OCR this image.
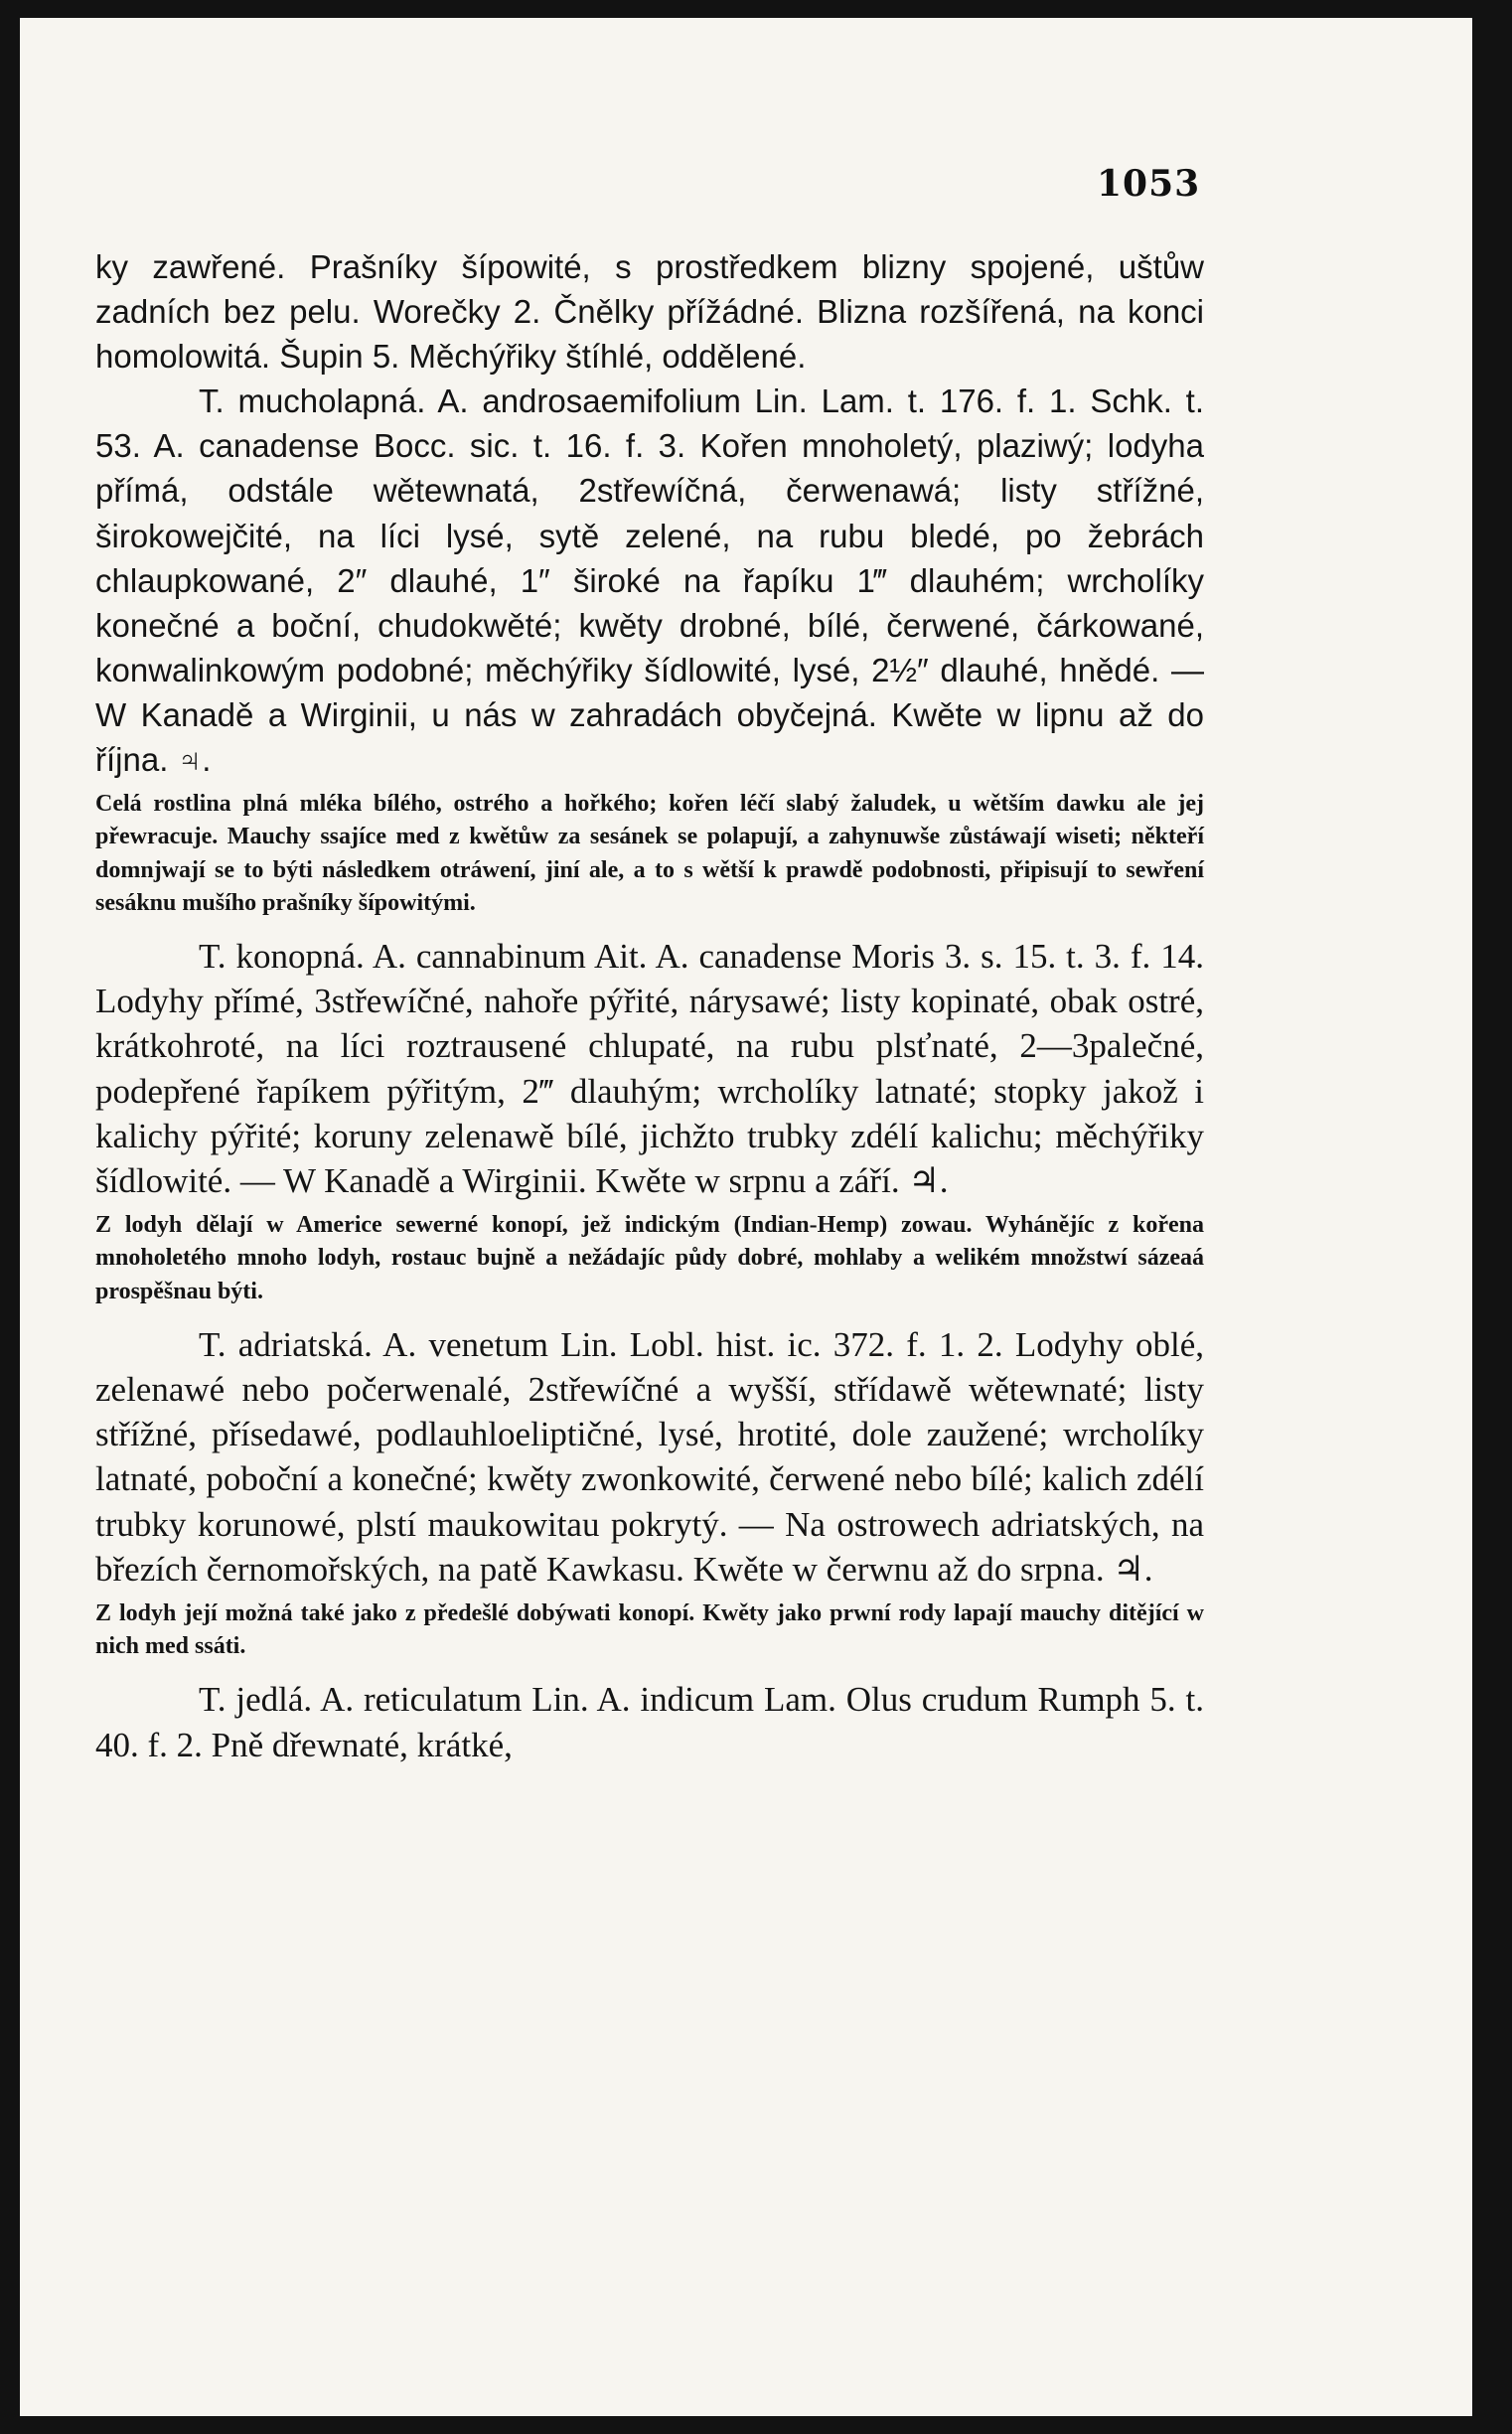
1053

ky zawřené. Prašníky šípowité, s prostředkem blizny spojené, uštůw zadních bez pelu. Worečky 2. Čnělky přížádné. Blizna rozšířená, na konci homolowitá. Šupin 5. Měchýřiky štíhlé, oddělené.

T. mucholapná. A. androsaemifolium Lin. Lam. t. 176. f. 1. Schk. t. 53. A. canadense Bocc. sic. t. 16. f. 3. Kořen mnoholetý, plaziwý; lodyha přímá, odstále wětewnatá, 2střewíčná, čerwenawá; listy střížné, širokowejčité, na líci lysé, sytě zelené, na rubu bledé, po žebrách chlaupkowané, 2″ dlauhé, 1″ široké na řapíku 1‴ dlauhém; wrcholíky konečné a boční, chudokwěté; kwěty drobné, bílé, čerwené, čárkowané, konwalinkowým podobné; měchýřiky šídlowité, lysé, 2½″ dlauhé, hnědé. — W Kanadě a Wirginii, u nás w zahradách obyčejná. Kwěte w lipnu až do října. ♃.

Celá rostlina plná mléka bílého, ostrého a hořkého; kořen léčí slabý žaludek, u wětším dawku ale jej přewracuje. Mauchy ssajíce med z kwětůw za sesánek se polapují, a zahynuwše zůstáwají wiseti; někteří domnjwají se to býti následkem otráwení, jiní ale, a to s wětší k prawdě podobnosti, připisují to sewření sesáknu mušího prašníky šípowitými.

T. konopná. A. cannabinum Ait. A. canadense Moris 3. s. 15. t. 3. f. 14. Lodyhy přímé, 3střewíčné, nahoře pýřité, nárysawé; listy kopinaté, obak ostré, krátkohroté, na líci roztrausené chlupaté, na rubu plsťnaté, 2—3palečné, podepřené řapíkem pýřitým, 2‴ dlauhým; wrcholíky latnaté; stopky jakož i kalichy pýřité; koruny zelenawě bílé, jichžto trubky zdélí kalichu; měchýřiky šídlowité. — W Kanadě a Wirginii. Kwěte w srpnu a září. ♃.

Z lodyh dělají w Americe sewerné konopí, jež indickým (Indian-Hemp) zowau. Wyhánějíc z kořena mnoholetého mnoho lodyh, rostauc bujně a nežádajíc půdy dobré, mohlaby a welikém množstwí sázeaá prospěšnau býti.

T. adriatská. A. venetum Lin. Lobl. hist. ic. 372. f. 1. 2. Lodyhy oblé, zelenawé nebo počerwenalé, 2střewíčné a wyšší, střídawě wětewnaté; listy střížné, přísedawé, podlauhloeliptičné, lysé, hrotité, dole zaužené; wrcholíky latnaté, poboční a konečné; kwěty zwonkowité, čerwené nebo bílé; kalich zdélí trubky korunowé, plstí maukowitau pokrytý. — Na ostrowech adriatských, na březích černomořských, na patě Kawkasu. Kwěte w čerwnu až do srpna. ♃.

Z lodyh její možná také jako z předešlé dobýwati konopí. Kwěty jako prwní rody lapají mauchy ditějící w nich med ssáti.

T. jedlá. A. reticulatum Lin. A. indicum Lam. Olus crudum Rumph 5. t. 40. f. 2. Pně dřewnaté, krátké,
